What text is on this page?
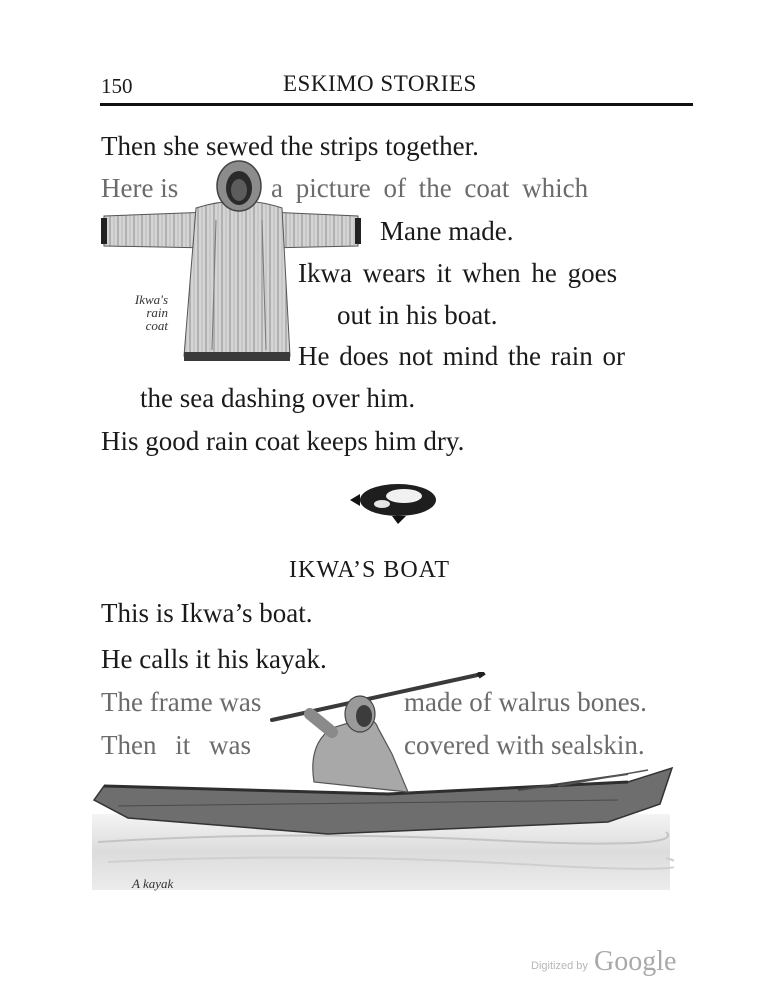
150	ESKIMO STORIES
Then she sewed the strips together.
Here is	a picture of the coat which
Mane made.
Ikwa wears it when he goes
out in his boat.
He does not mind the rain or
the sea dashing over him.
His good rain coat keeps him dry.
Ikwa's
rain
coat
IKWA’S BOAT
This is Ikwa’s boat.
He calls it his kayak.
The frame was	made of walrus bones.
Then it was	covered with sealskin.
A kayak
Digitized by Google
